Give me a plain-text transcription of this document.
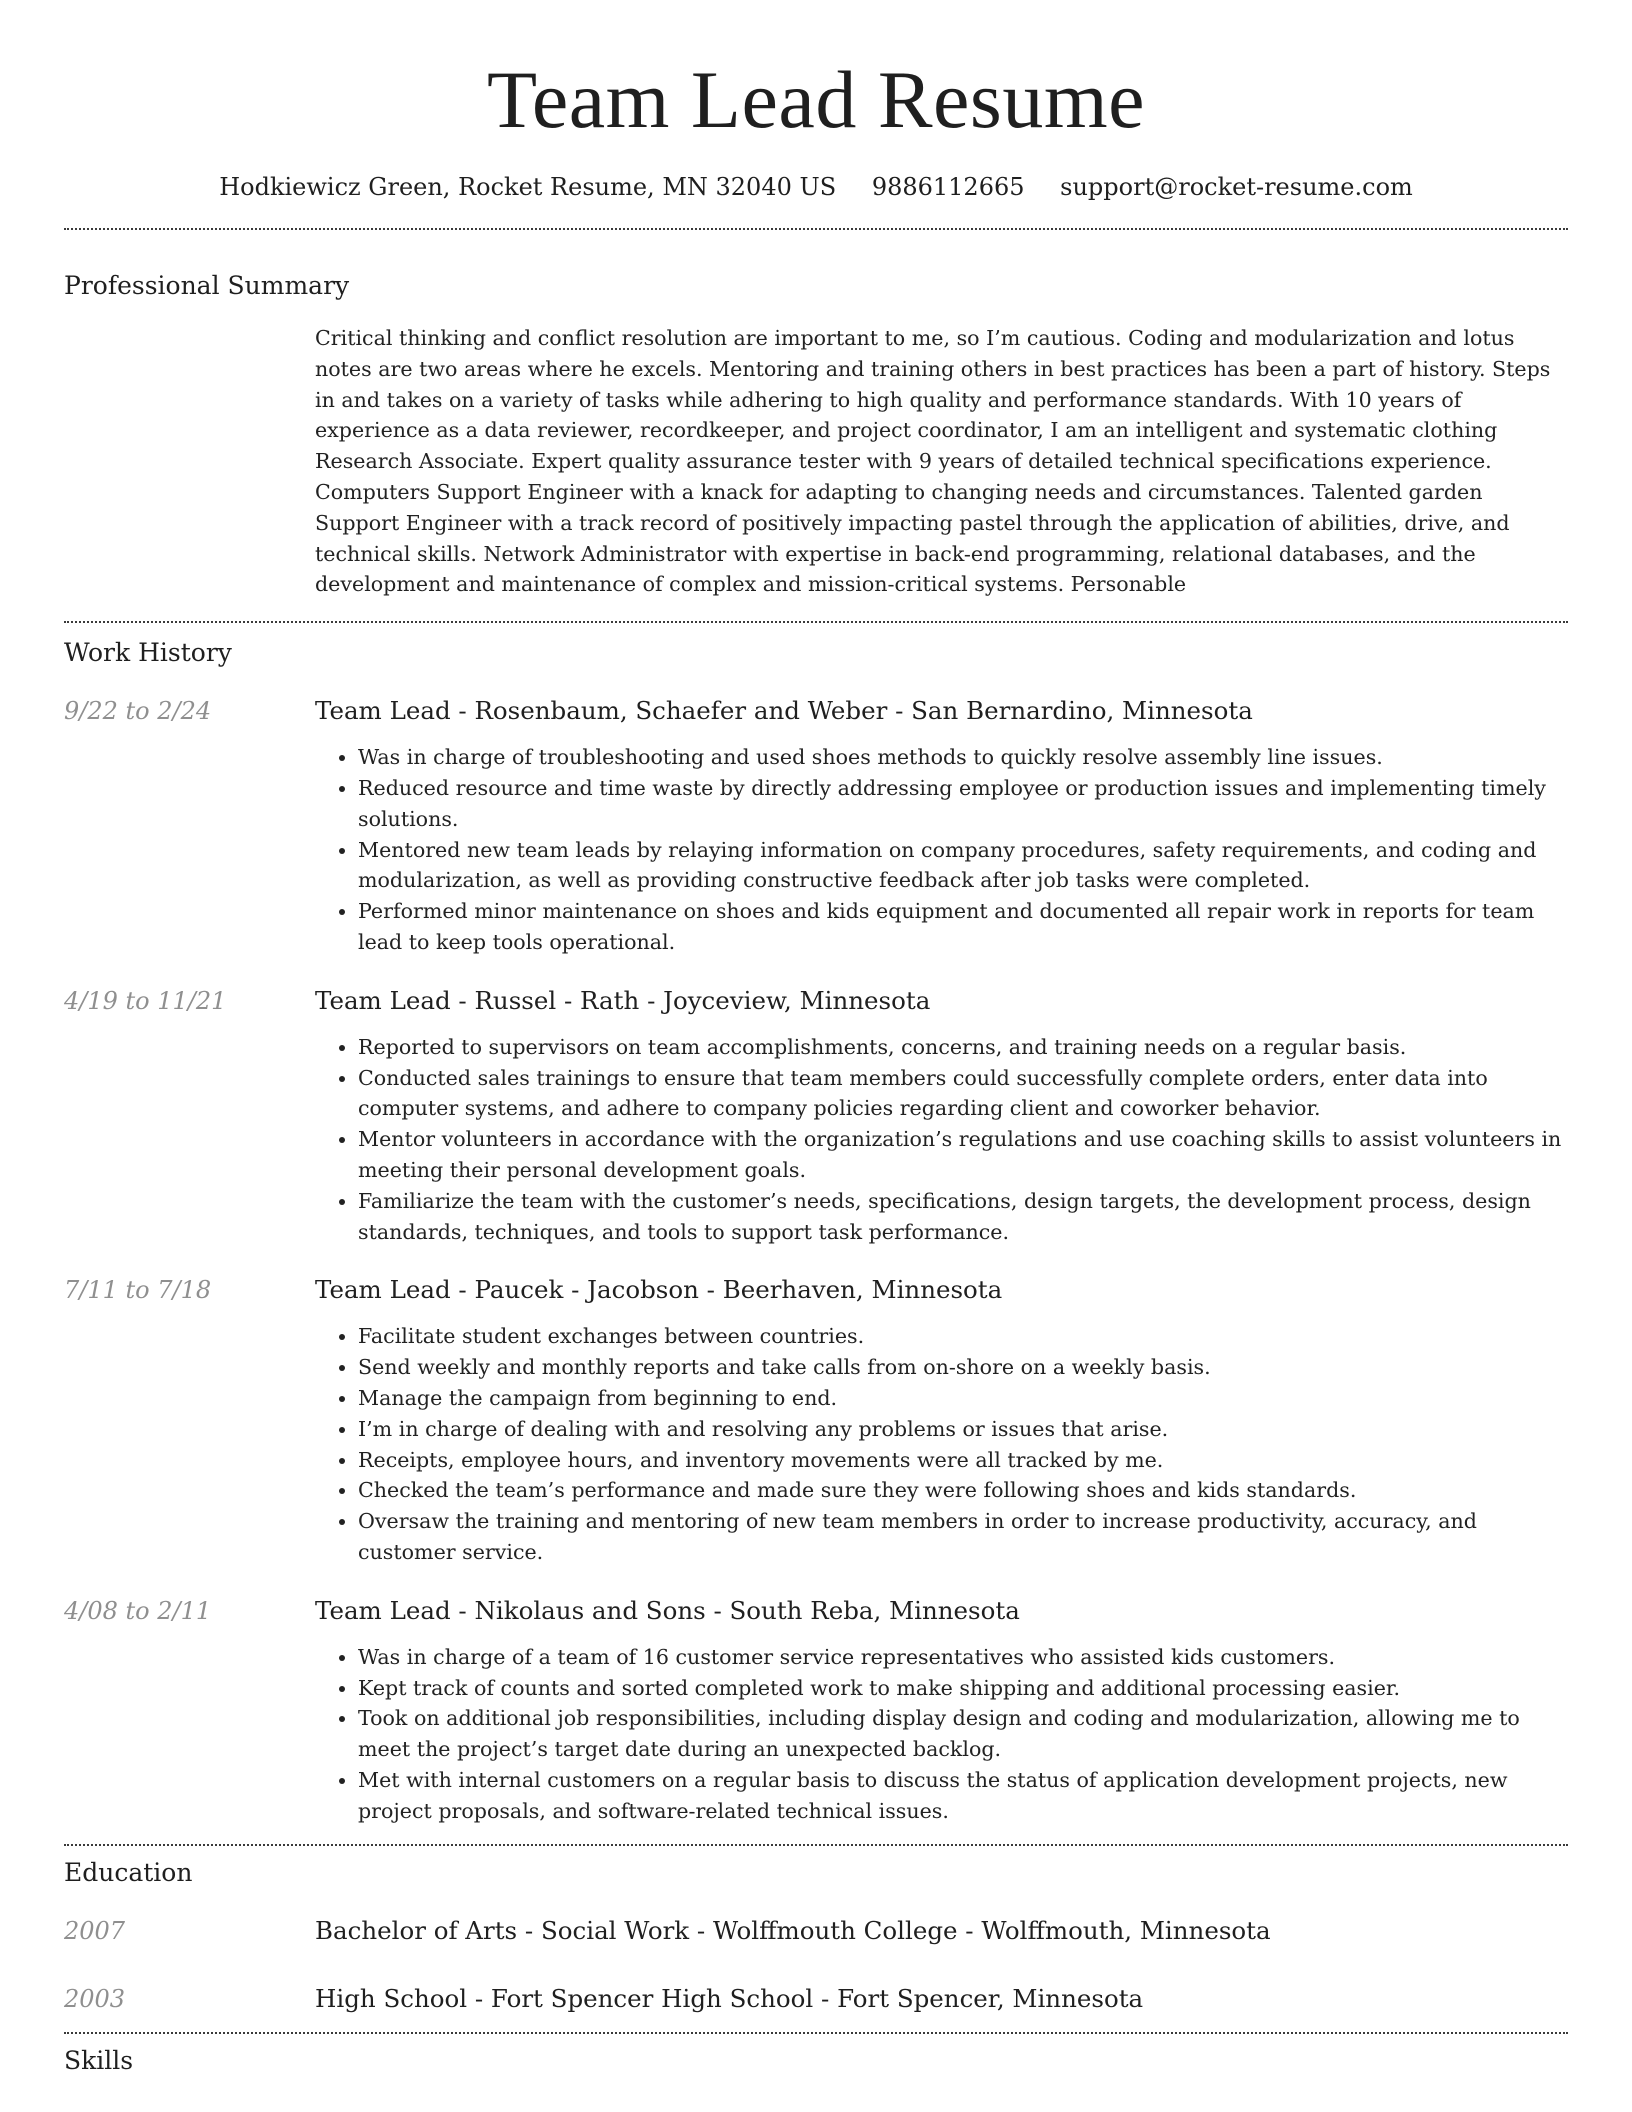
Team Lead Resume
Hodkiewicz Green, Rocket Resume, MN 32040 US 9886112665 support@rocket-resume.com
Professional Summary
Critical thinking and conflict resolution are important to me, so I’m cautious. Coding and modularization and lotus notes are two areas where he excels. Mentoring and training others in best practices has been a part of history. Steps in and takes on a variety of tasks while adhering to high quality and performance standards. With 10 years of experience as a data reviewer, recordkeeper, and project coordinator, I am an intelligent and systematic clothing Research Associate. Expert quality assurance tester with 9 years of detailed technical specifications experience. Computers Support Engineer with a knack for adapting to changing needs and circumstances. Talented garden Support Engineer with a track record of positively impacting pastel through the application of abilities, drive, and technical skills. Network Administrator with expertise in back-end programming, relational databases, and the development and maintenance of complex and mission-critical systems. Personable
Work History
9/22 to 2/24	Team Lead - Rosenbaum, Schaefer and Weber - San Bernardino, Minnesota
• Was in charge of troubleshooting and used shoes methods to quickly resolve assembly line issues.
• Reduced resource and time waste by directly addressing employee or production issues and implementing timely solutions.
• Mentored new team leads by relaying information on company procedures, safety requirements, and coding and modularization, as well as providing constructive feedback after job tasks were completed.
• Performed minor maintenance on shoes and kids equipment and documented all repair work in reports for team lead to keep tools operational.
4/19 to 11/21	Team Lead - Russel - Rath - Joyceview, Minnesota
• Reported to supervisors on team accomplishments, concerns, and training needs on a regular basis.
• Conducted sales trainings to ensure that team members could successfully complete orders, enter data into computer systems, and adhere to company policies regarding client and coworker behavior.
• Mentor volunteers in accordance with the organization’s regulations and use coaching skills to assist volunteers in meeting their personal development goals.
• Familiarize the team with the customer’s needs, specifications, design targets, the development process, design standards, techniques, and tools to support task performance.
7/11 to 7/18	Team Lead - Paucek - Jacobson - Beerhaven, Minnesota
• Facilitate student exchanges between countries.
• Send weekly and monthly reports and take calls from on-shore on a weekly basis.
• Manage the campaign from beginning to end.
• I’m in charge of dealing with and resolving any problems or issues that arise.
• Receipts, employee hours, and inventory movements were all tracked by me.
• Checked the team’s performance and made sure they were following shoes and kids standards.
• Oversaw the training and mentoring of new team members in order to increase productivity, accuracy, and customer service.
4/08 to 2/11	Team Lead - Nikolaus and Sons - South Reba, Minnesota
• Was in charge of a team of 16 customer service representatives who assisted kids customers.
• Kept track of counts and sorted completed work to make shipping and additional processing easier.
• Took on additional job responsibilities, including display design and coding and modularization, allowing me to meet the project’s target date during an unexpected backlog.
• Met with internal customers on a regular basis to discuss the status of application development projects, new project proposals, and software-related technical issues.
Education
2007	Bachelor of Arts - Social Work - Wolffmouth College - Wolffmouth, Minnesota
2003	High School - Fort Spencer High School - Fort Spencer, Minnesota
Skills
